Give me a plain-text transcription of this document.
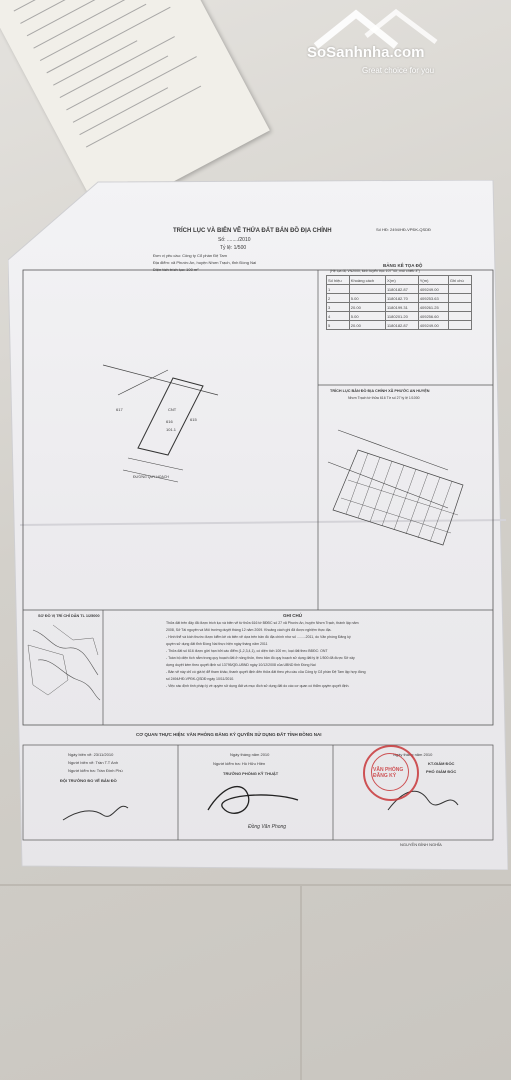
SoSanhnha.com
Great choice for you
TRÍCH LỤC VÀ BIÊN VẼ THỬA ĐẤT BẢN ĐỒ ĐỊA CHÍNH
Số: ......../2010
Tỷ lệ: 1/500
Số HĐ: 2494/HĐ-VPĐK-QSDĐ
Đơn vị yêu cầu: Công ty Cổ phần Đệ Tam
Địa điểm: xã Phước An, huyện Nhơn Trạch, tỉnh Đồng Nai
Diện tích trích lục: 100 m²
BẢNG KÊ TỌA ĐỘ
(Hệ tọa độ VN2000, kinh tuyến trục 107°45', múi chiếu 3°)
Số hiệu	Khoảng cách	X(m)	Y(m)	Ghi chú
1		1180182.87	409249.00	
2	5.00	1180182.70	409253.63	
3	20.00	1180199.31	409261.25	
4	5.00	1180201.20	409256.60	
5	20.00	1180182.87	409249.00	
TRÍCH LỤC BẢN ĐỒ ĐỊA CHÍNH XÃ PHƯỚC AN HUYỆN
Nhơn Trạch tờ thửa 616 Tờ số 27 tỷ lệ 1/1000
617
616	615
CNT
101.1
ĐƯỜNG QUY HOẠCH
SƠ ĐỒ VỊ TRÍ CHỈ DẪN TL 1/25000	GHI CHÚ
Thửa đất trên đây đã được trích lục và biên vẽ từ thửa 616 tờ BĐĐC số 27 xã Phước An, huyện Nhơn Trạch, thành lập năm
2008, Sở Tài nguyên và Môi trường duyệt tháng 12 năm 2009. Khoảng cách ghi đã được nghiệm thực địa.
- Hình thể và kích thước được kiểm kê và biên vẽ dựa trên bản đồ địa chính như số .........2011, do Văn phòng Đăng ký
quyền sử dụng đất tỉnh Đồng Nai thực hiện ngày tháng năm 2011
- Thửa đất số 616 được giới hạn bởi các điểm (1,2,3,4,1), có diện tích 100 m², loại đất theo BĐĐC: ONT
- Toàn bộ diện tích nằm trong quy hoạch đất ở nông thôn, theo bản đồ quy hoạch sử dụng đất tỷ lệ 1/500 đã được Sở xây
dựng duyệt kèm theo quyết định số 13795/QĐ-UBND ngày 10/12/2008 của UBND tỉnh Đồng Nai
- Bản vẽ này chỉ có giá trị để tham khảo, thanh quyết định đến thửa đất theo yêu cầu của Công ty Cổ phần Đệ Tam lập hợp đồng
số 2494/HĐ-VPĐK-QSDĐ ngày 10/11/2010.
- Việc xác định tính pháp lý về quyền sử dụng đất và mục đích sử dụng đất do các cơ quan có thẩm quyền quyết định.
CƠ QUAN THỰC HIỆN: VĂN PHÒNG ĐĂNG KÝ QUYỀN SỬ DỤNG ĐẤT TỈNH ĐỒNG NAI
Ngày biên vẽ: 23/11/2010
Người biên vẽ: Trần T.T Anh
Người kiểm tra: Trần Đình Phú
ĐỘI TRƯỞNG ĐO VẼ BẢN ĐỒ
Ngày tháng năm 2010
Người kiểm tra: Hồ Hữu Hiền
TRƯỞNG PHÒNG KỸ THUẬT
Đồng Văn Phong
Ngày tháng năm 2010
KT.GIÁM ĐỐC
PHÓ GIÁM ĐỐC
NGUYỄN ĐÌNH NGHĨA
VĂN PHÒNG ĐĂNG KÝ
